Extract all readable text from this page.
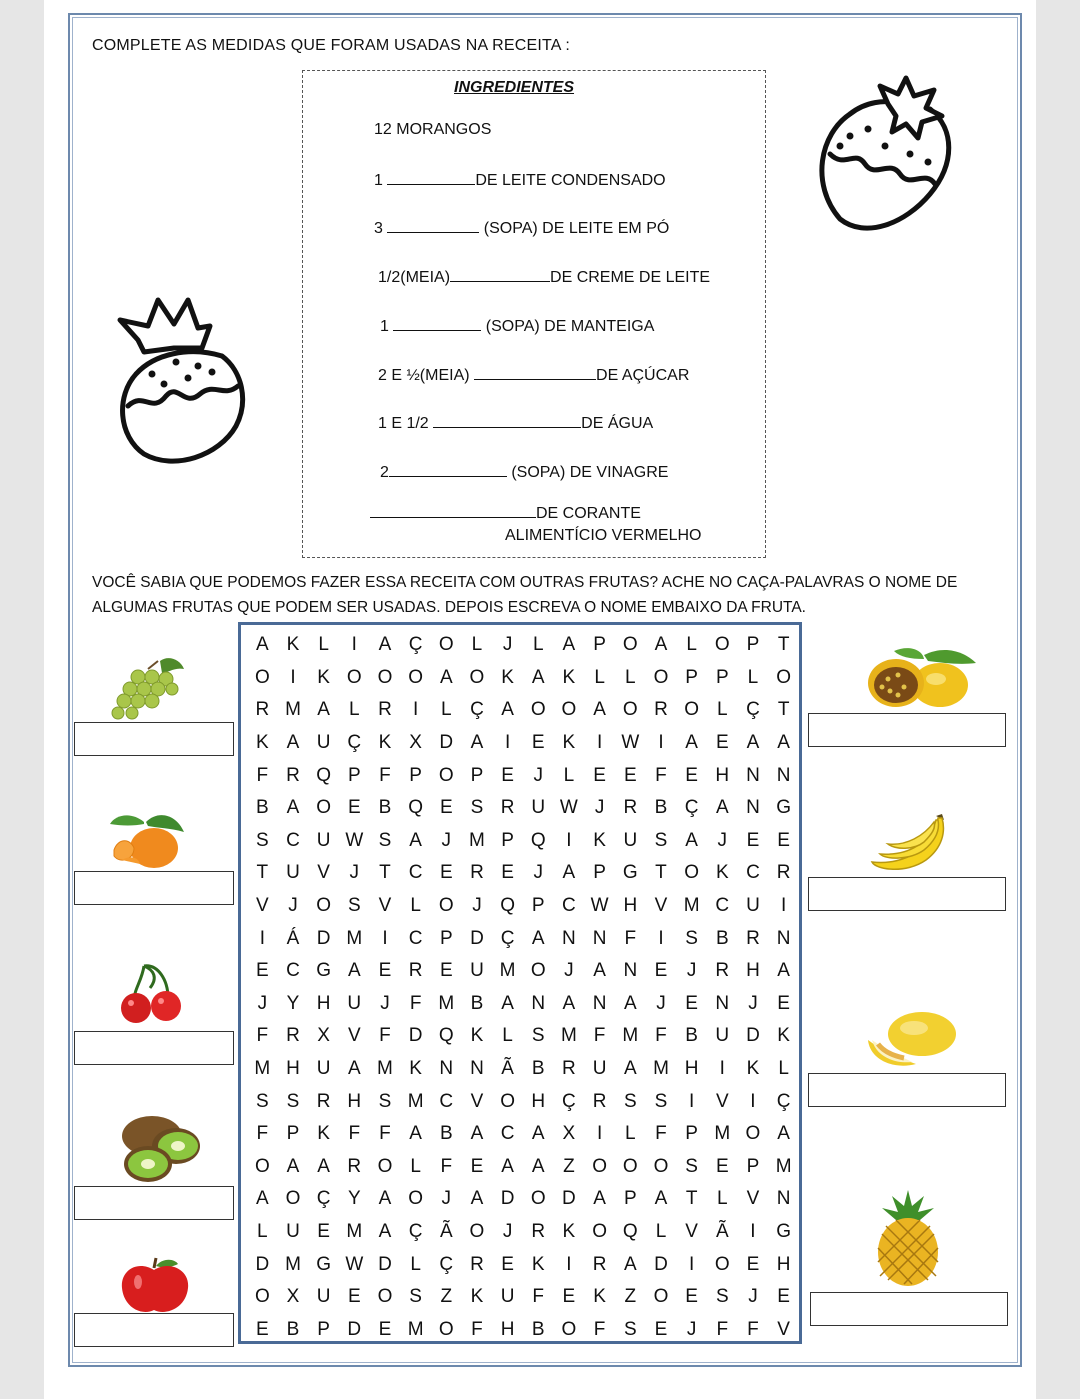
COMPLETE AS MEDIDAS QUE FORAM USADAS NA RECEITA :
INGREDIENTES
12 MORANGOS
1	DE LEITE CONDENSADO
3	(SOPA) DE LEITE EM PÓ
1/2(MEIA)	DE CREME DE LEITE
1	(SOPA) DE MANTEIGA
2 E ½(MEIA)	DE AÇÚCAR
1 E 1/2	DE ÁGUA
2	(SOPA) DE VINAGRE
DE CORANTE
ALIMENTÍCIO VERMELHO
VOCÊ SABIA QUE PODEMOS FAZER ESSA RECEITA COM OUTRAS FRUTAS? ACHE NO CAÇA-PALAVRAS O NOME DE
ALGUMAS FRUTAS QUE PODEM SER USADAS. DEPOIS ESCREVA O NOME EMBAIXO DA FRUTA.
A	K	L	I	A	Ç	O	L	J	L	A	P	O	A	L	O	P	T
O	I	K	O	O	O	A	O	K	A	K	L	L	O	P	P	L	O
R	M	A	L	R	I	L	Ç	A	O	O	A	O	R	O	L	Ç	T
K	A	U	Ç	K	X	D	A	I	E	K	I	W	I	A	E	A	A
F	R	Q	P	F	P	O	P	E	J	L	E	E	F	E	H	N	N
B	A	O	E	B	Q	E	S	R	U	W	J	R	B	Ç	A	N	G
S	C	U	W	S	A	J	M	P	Q	I	K	U	S	A	J	E	E
T	U	V	J	T	C	E	R	E	J	A	P	G	T	O	K	C	R
V	J	O	S	V	L	O	J	Q	P	C	W	H	V	M	C	U	I
I	Á	D	M	I	C	P	D	Ç	A	N	N	F	I	S	B	R	N
E	C	G	A	E	R	E	U	M	O	J	A	N	E	J	R	H	A
J	Y	H	U	J	F	M	B	A	N	A	N	A	J	E	N	J	E
F	R	X	V	F	D	Q	K	L	S	M	F	M	F	B	U	D	K
M	H	U	A	M	K	N	N	Ã	B	R	U	A	M	H	I	K	L
S	S	R	H	S	M	C	V	O	H	Ç	R	S	S	I	V	I	Ç
F	P	K	F	F	A	B	A	C	A	X	I	L	F	P	M	O	A
O	A	A	R	O	L	F	E	A	A	Z	O	O	O	S	E	P	M
A	O	Ç	Y	A	O	J	A	D	O	D	A	P	A	T	L	V	N
L	U	E	M	A	Ç	Ã	O	J	R	K	O	Q	L	V	Ã	I	G
D	M	G	W	D	L	Ç	R	E	K	I	R	A	D	I	O	E	H
O	X	U	E	O	S	Z	K	U	F	E	K	Z	O	E	S	J	E
E	B	P	D	E	M	O	F	H	B	O	F	S	E	J	F	F	V
